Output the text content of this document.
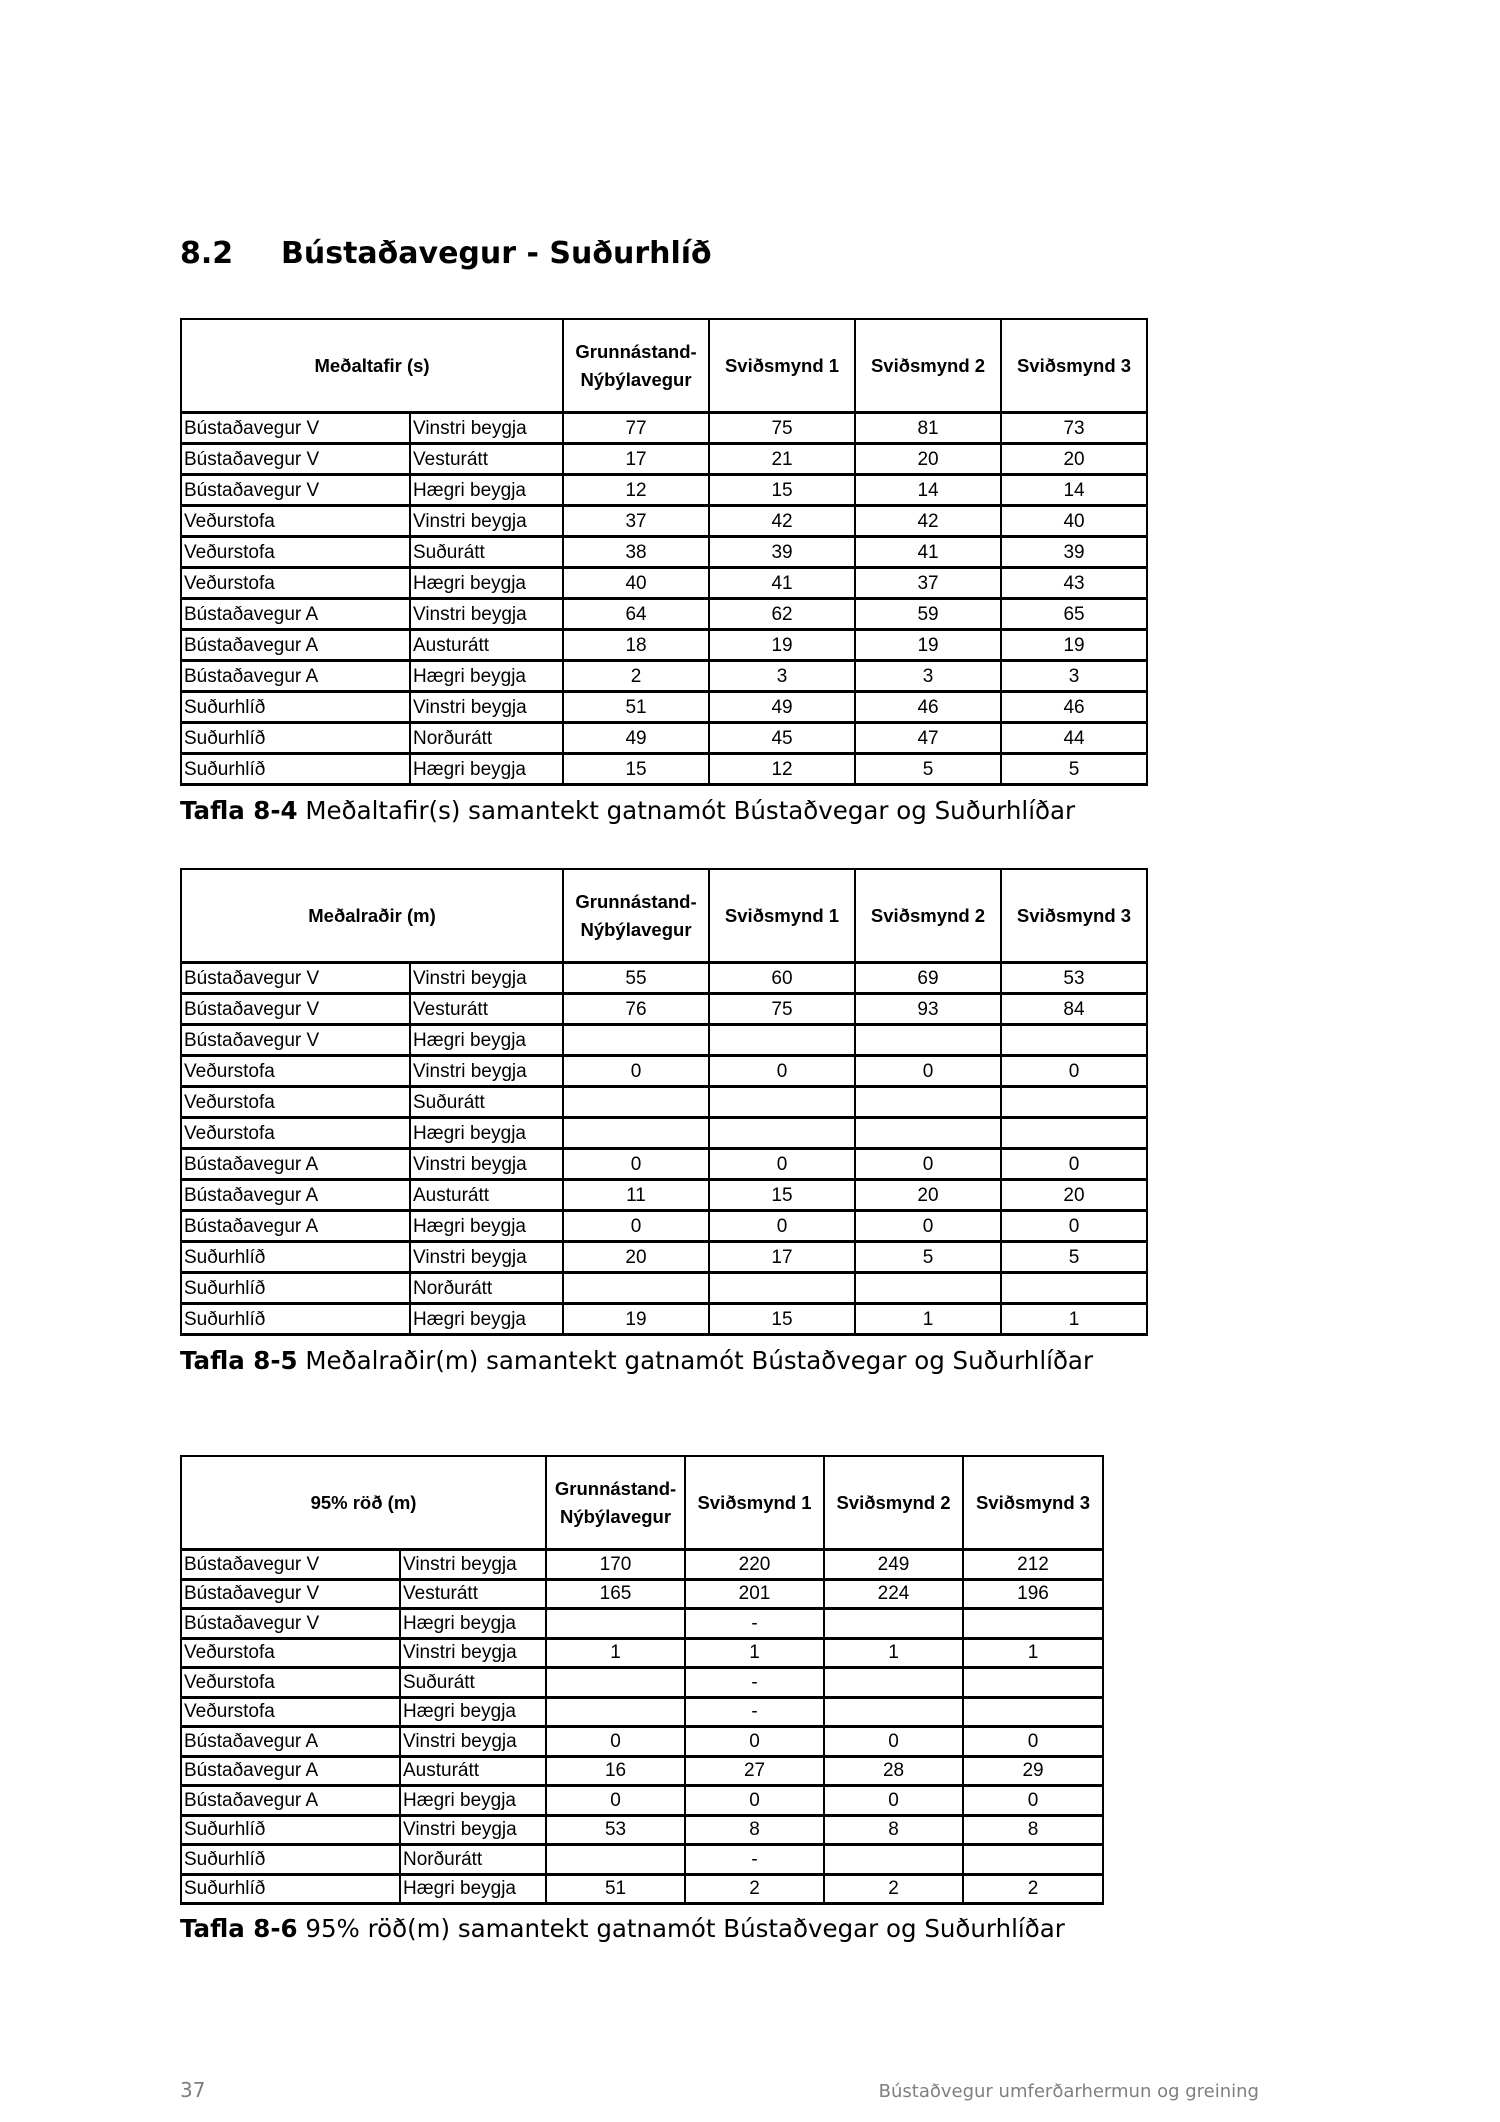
8.2 Bústaðavegur - Suðurhlíð
Meðaltafir (s)		Grunnástand-
Nýbýlavegur	Sviðsmynd 1	Sviðsmynd 2	Sviðsmynd 3
Bústaðavegur V	Vinstri beygja	77	75	81	73
Bústaðavegur V	Vesturátt	17	21	20	20
Bústaðavegur V	Hægri beygja	12	15	14	14
Veðurstofa	Vinstri beygja	37	42	42	40
Veðurstofa	Suðurátt	38	39	41	39
Veðurstofa	Hægri beygja	40	41	37	43
Bústaðavegur A	Vinstri beygja	64	62	59	65
Bústaðavegur A	Austurátt	18	19	19	19
Bústaðavegur A	Hægri beygja	2	3	3	3
Suðurhlíð	Vinstri beygja	51	49	46	46
Suðurhlíð	Norðurátt	49	45	47	44
Suðurhlíð	Hægri beygja	15	12	5	5

Tafla 8-4 Meðaltafir(s) samantekt gatnamót Bústaðvegar og Suðurhlíðar

Meðalraðir (m)		Grunnástand-
Nýbýlavegur	Sviðsmynd 1	Sviðsmynd 2	Sviðsmynd 3
Bústaðavegur V	Vinstri beygja	55	60	69	53
Bústaðavegur V	Vesturátt	76	75	93	84
Bústaðavegur V	Hægri beygja				
Veðurstofa	Vinstri beygja	0	0	0	0
Veðurstofa	Suðurátt				
Veðurstofa	Hægri beygja				
Bústaðavegur A	Vinstri beygja	0	0	0	0
Bústaðavegur A	Austurátt	11	15	20	20
Bústaðavegur A	Hægri beygja	0	0	0	0
Suðurhlíð	Vinstri beygja	20	17	5	5
Suðurhlíð	Norðurátt				
Suðurhlíð	Hægri beygja	19	15	1	1

Tafla 8-5 Meðalraðir(m) samantekt gatnamót Bústaðvegar og Suðurhlíðar

95% röð (m)		Grunnástand-
Nýbýlavegur	Sviðsmynd 1	Sviðsmynd 2	Sviðsmynd 3
Bústaðavegur V	Vinstri beygja	170	220	249	212
Bústaðavegur V	Vesturátt	165	201	224	196
Bústaðavegur V	Hægri beygja		-		
Veðurstofa	Vinstri beygja	1	1	1	1
Veðurstofa	Suðurátt		-		
Veðurstofa	Hægri beygja		-		
Bústaðavegur A	Vinstri beygja	0	0	0	0
Bústaðavegur A	Austurátt	16	27	28	29
Bústaðavegur A	Hægri beygja	0	0	0	0
Suðurhlíð	Vinstri beygja	53	8	8	8
Suðurhlíð	Norðurátt		-		
Suðurhlíð	Hægri beygja	51	2	2	2

Tafla 8-6 95% röð(m) samantekt gatnamót Bústaðvegar og Suðurhlíðar

37	Bústaðvegur umferðarhermun og greining
